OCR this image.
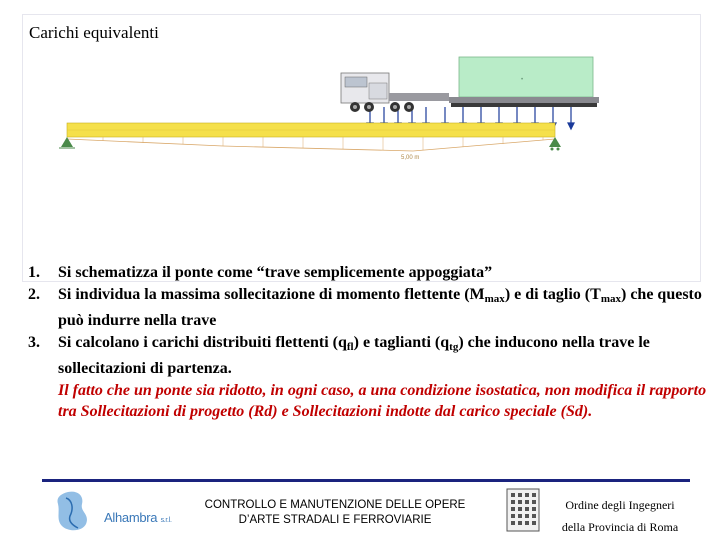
Carichi equivalenti
•
5,00 m
1. Si schematizza il ponte come “trave semplicemente appoggiata”
2. Si individua la massima sollecitazione di momento flettente $(M_{max})$ e di taglio $(T_{max})$ che questo può indurre nella trave
3. Si calcolano i carichi distribuiti flettenti $(q_{fl})$ e taglianti $(q_{tg})$ che inducono nella trave le sollecitazioni di partenza.
Il fatto che un ponte sia ridotto, in ogni caso, a una condizione isostatica, non modifica il rapporto tra Sollecitazioni di progetto (Rd) e Sollecitazioni indotte dal carico speciale (Sd).
Alhambra s.r.l.
CONTROLLO E MANUTENZIONE DELLE OPERE
D’ARTE STRADALI E FERROVIARIE
Ordine degli Ingegneri
della Provincia di Roma
